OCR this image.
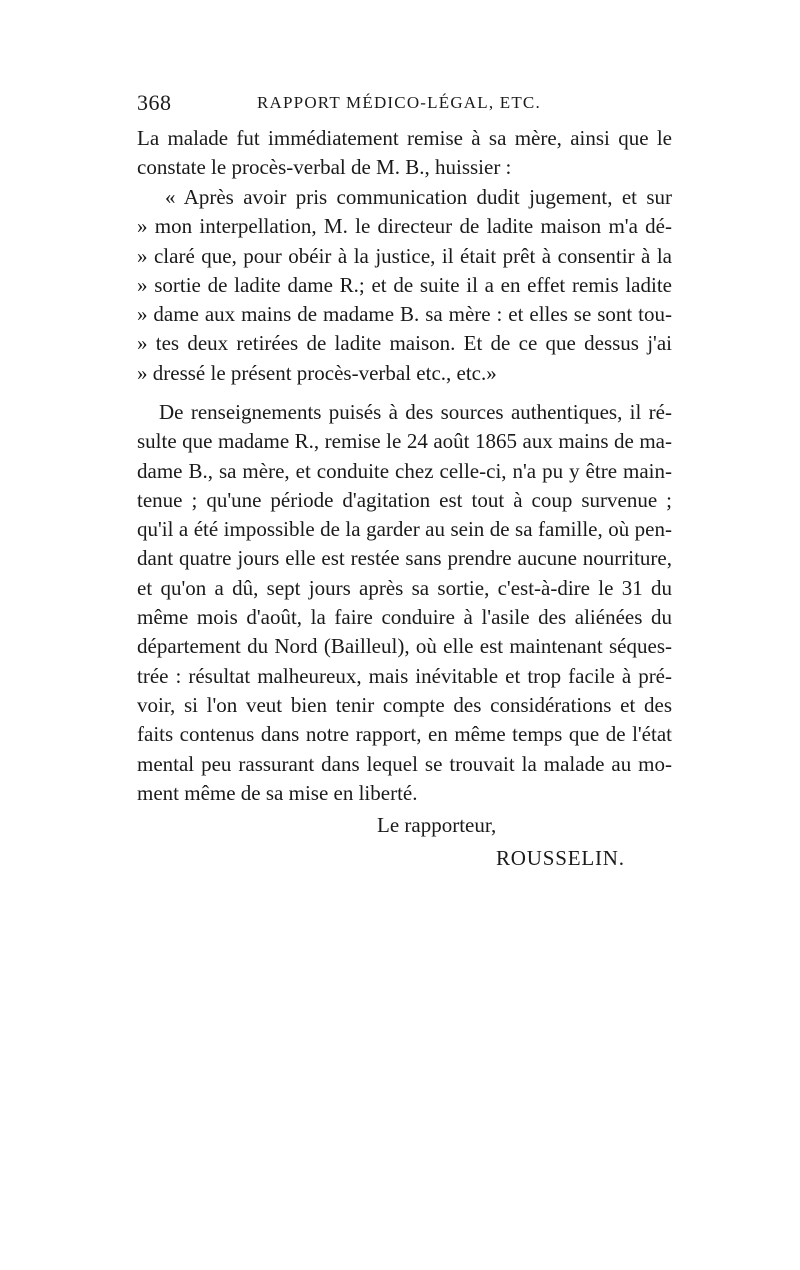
368	RAPPORT MÉDICO-LÉGAL, ETC.
La malade fut immédiatement remise à sa mère, ainsi que le
constate le procès-verbal de M. B., huissier :
« Après avoir pris communication dudit jugement, et sur
» mon interpellation, M. le directeur de ladite maison m'a dé-
» claré que, pour obéir à la justice, il était prêt à consentir à la
» sortie de ladite dame R.; et de suite il a en effet remis ladite
» dame aux mains de madame B. sa mère : et elles se sont tou-
» tes deux retirées de ladite maison. Et de ce que dessus j'ai
» dressé le présent procès-verbal etc., etc.»
De renseignements puisés à des sources authentiques, il ré-
sulte que madame R., remise le 24 août 1865 aux mains de ma-
dame B., sa mère, et conduite chez celle-ci, n'a pu y être main-
tenue ; qu'une période d'agitation est tout à coup survenue ;
qu'il a été impossible de la garder au sein de sa famille, où pen-
dant quatre jours elle est restée sans prendre aucune nourriture,
et qu'on a dû, sept jours après sa sortie, c'est-à-dire le 31 du
même mois d'août, la faire conduire à l'asile des aliénées du
département du Nord (Bailleul), où elle est maintenant séques-
trée : résultat malheureux, mais inévitable et trop facile à pré-
voir, si l'on veut bien tenir compte des considérations et des
faits contenus dans notre rapport, en même temps que de l'état
mental peu rassurant dans lequel se trouvait la malade au mo-
ment même de sa mise en liberté.
Le rapporteur,
ROUSSELIN.
